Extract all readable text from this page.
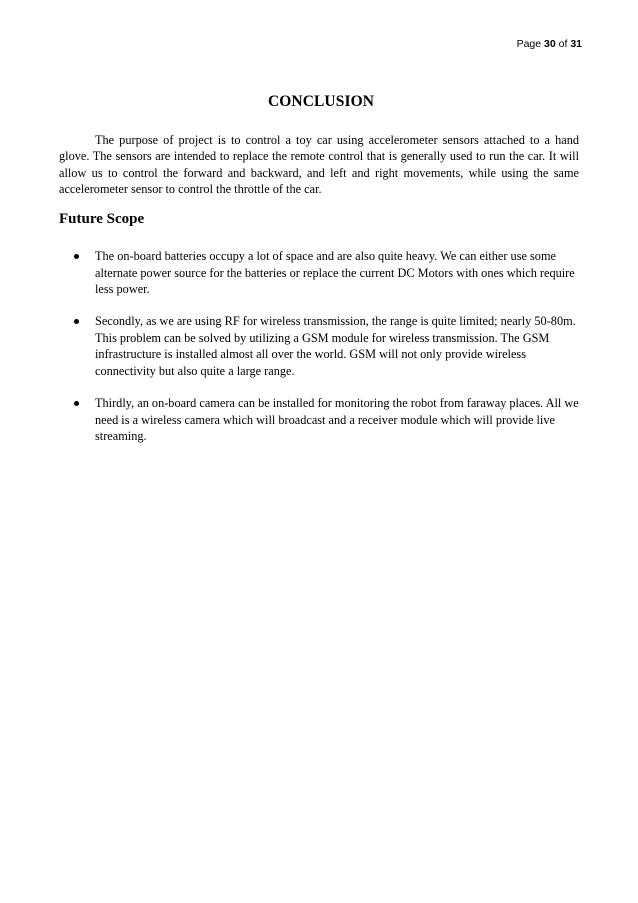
Page 30 of 31
CONCLUSION

The purpose of project is to control a toy car using accelerometer sensors attached to a hand glove. The sensors are intended to replace the remote control that is generally used to run the car. It will allow us to control the forward and backward, and left and right movements, while using the same accelerometer sensor to control the throttle of the car.

Future Scope
The on-board batteries occupy a lot of space and are also quite heavy. We can either use some alternate power source for the batteries or replace the current DC Motors with ones which require less power.
Secondly, as we are using RF for wireless transmission, the range is quite limited; nearly 50-80m. This problem can be solved by utilizing a GSM module for wireless transmission. The GSM infrastructure is installed almost all over the world. GSM will not only provide wireless connectivity but also quite a large range.
Thirdly, an on-board camera can be installed for monitoring the robot from faraway places. All we need is a wireless camera which will broadcast and a receiver module which will provide live streaming.
